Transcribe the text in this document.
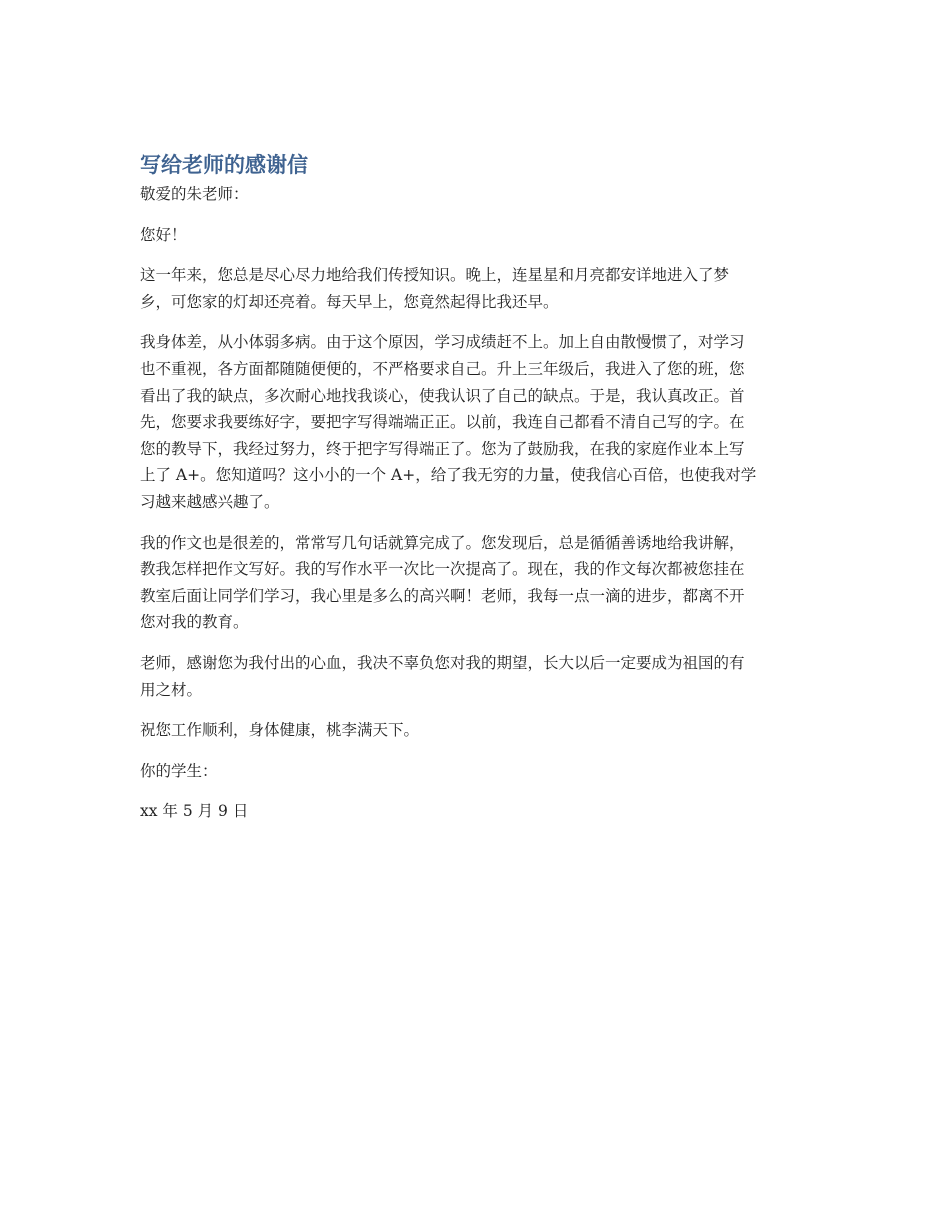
写给老师的感谢信

敬爱的朱老师：

您好！

这一年来，您总是尽心尽力地给我们传授知识。晚上，连星星和月亮都安详地进入了梦

乡，可您家的灯却还亮着。每天早上，您竟然起得比我还早。

我身体差，从小体弱多病。由于这个原因，学习成绩赶不上。加上自由散慢惯了，对学习

也不重视，各方面都随随便便的，不严格要求自己。升上三年级后，我进入了您的班，您

看出了我的缺点，多次耐心地找我谈心，使我认识了自己的缺点。于是，我认真改正。首

先，您要求我要练好字，要把字写得端端正正。以前，我连自己都看不清自己写的字。在

您的教导下，我经过努力，终于把字写得端正了。您为了鼓励我，在我的家庭作业本上写

上了 A+。您知道吗？这小小的一个 A+，给了我无穷的力量，使我信心百倍，也使我对学

习越来越感兴趣了。

我的作文也是很差的，常常写几句话就算完成了。您发现后，总是循循善诱地给我讲解，

教我怎样把作文写好。我的写作水平一次比一次提高了。现在，我的作文每次都被您挂在

教室后面让同学们学习，我心里是多么的高兴啊！老师，我每一点一滴的进步，都离不开

您对我的教育。

老师，感谢您为我付出的心血，我决不辜负您对我的期望，长大以后一定要成为祖国的有

用之材。

祝您工作顺利，身体健康，桃李满天下。

你的学生：

xx 年 5 月 9 日
